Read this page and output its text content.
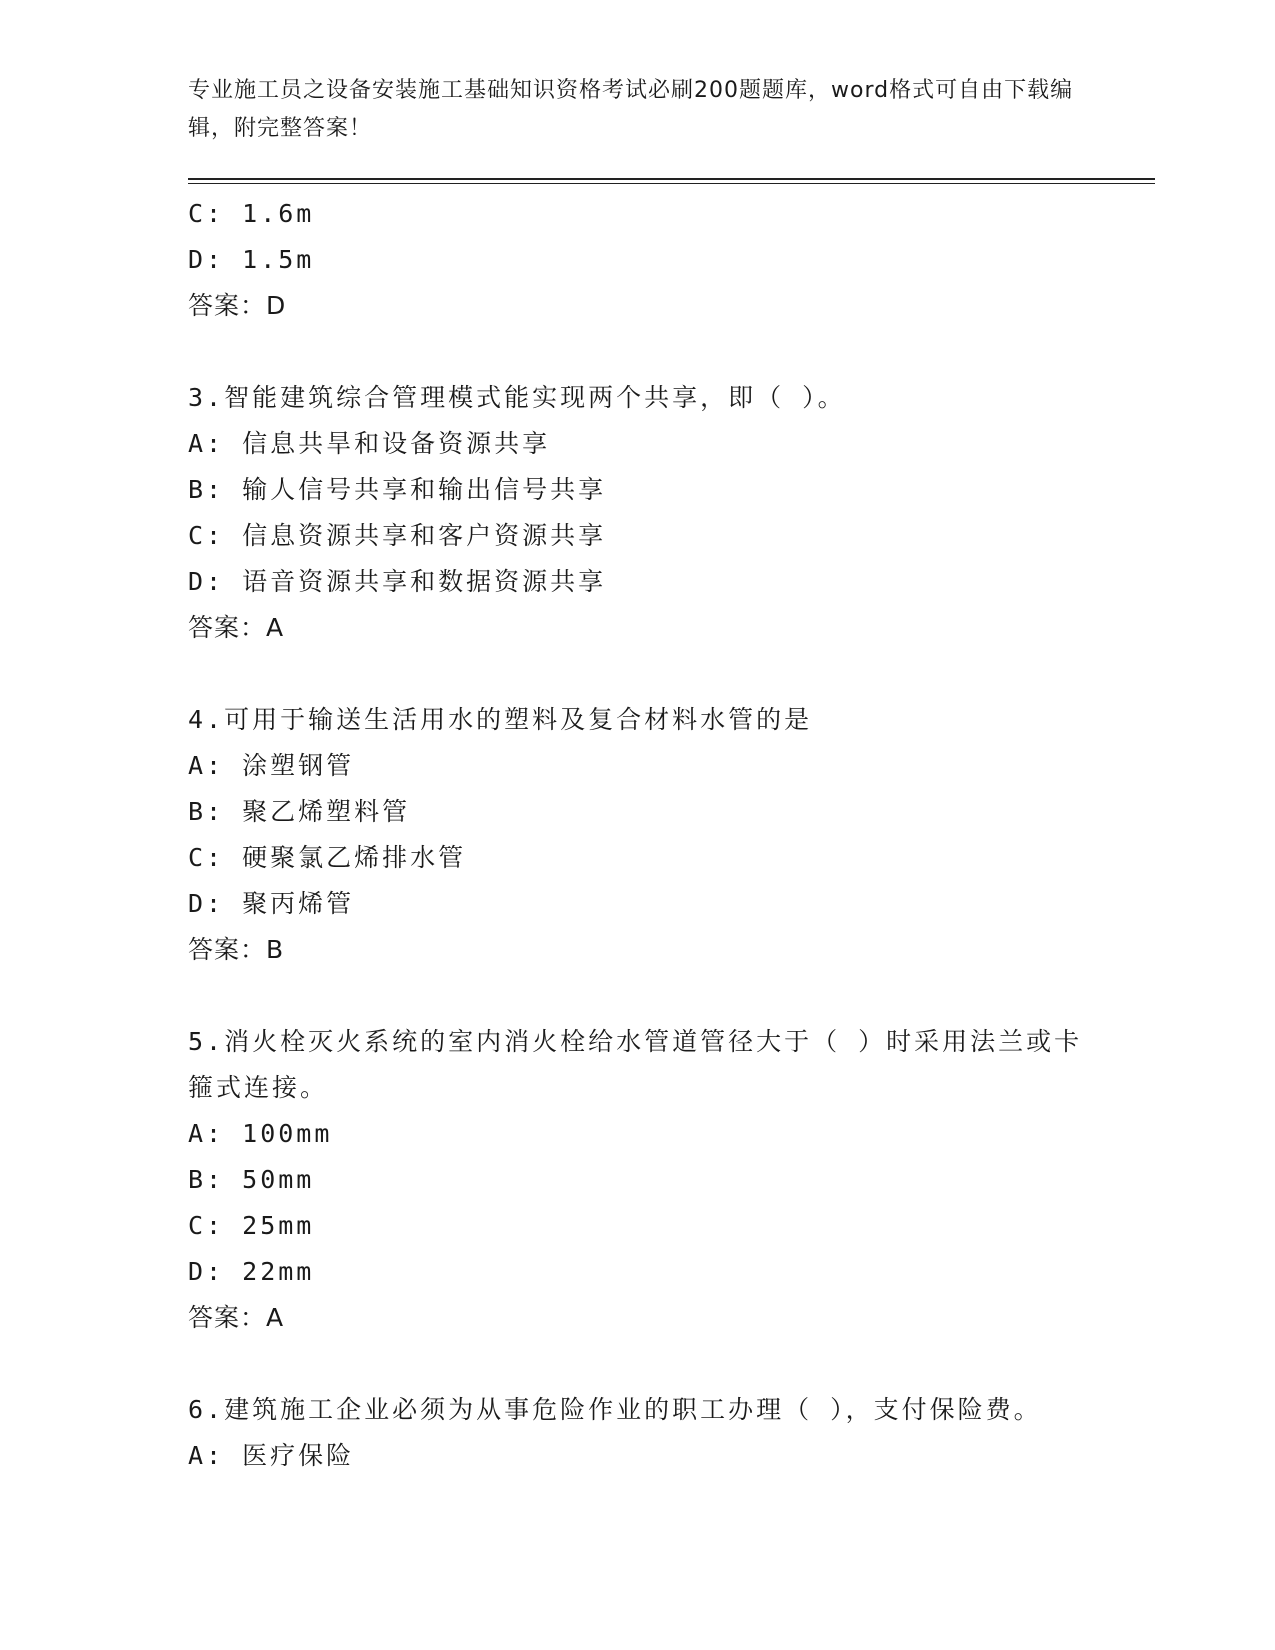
专业施工员之设备安装施工基础知识资格考试必刷200题题库，word格式可自由下载编辑，附完整答案！
C: 1.6m
D: 1.5m
答案：D
3.智能建筑综合管理模式能实现两个共享，即（ ）。
A: 信息共旱和设备资源共享
B: 输人信号共享和输出信号共享
C: 信息资源共享和客户资源共享
D: 语音资源共享和数据资源共享
答案：A
4.可用于输送生活用水的塑料及复合材料水管的是
A: 涂塑钢管
B: 聚乙烯塑料管
C: 硬聚氯乙烯排水管
D: 聚丙烯管
答案：B
5.消火栓灭火系统的室内消火栓给水管道管径大于（ ）时采用法兰或卡箍式连接。
A: 100mm
B: 50mm
C: 25mm
D: 22mm
答案：A
6.建筑施工企业必须为从事危险作业的职工办理（ ），支付保险费。
A: 医疗保险
